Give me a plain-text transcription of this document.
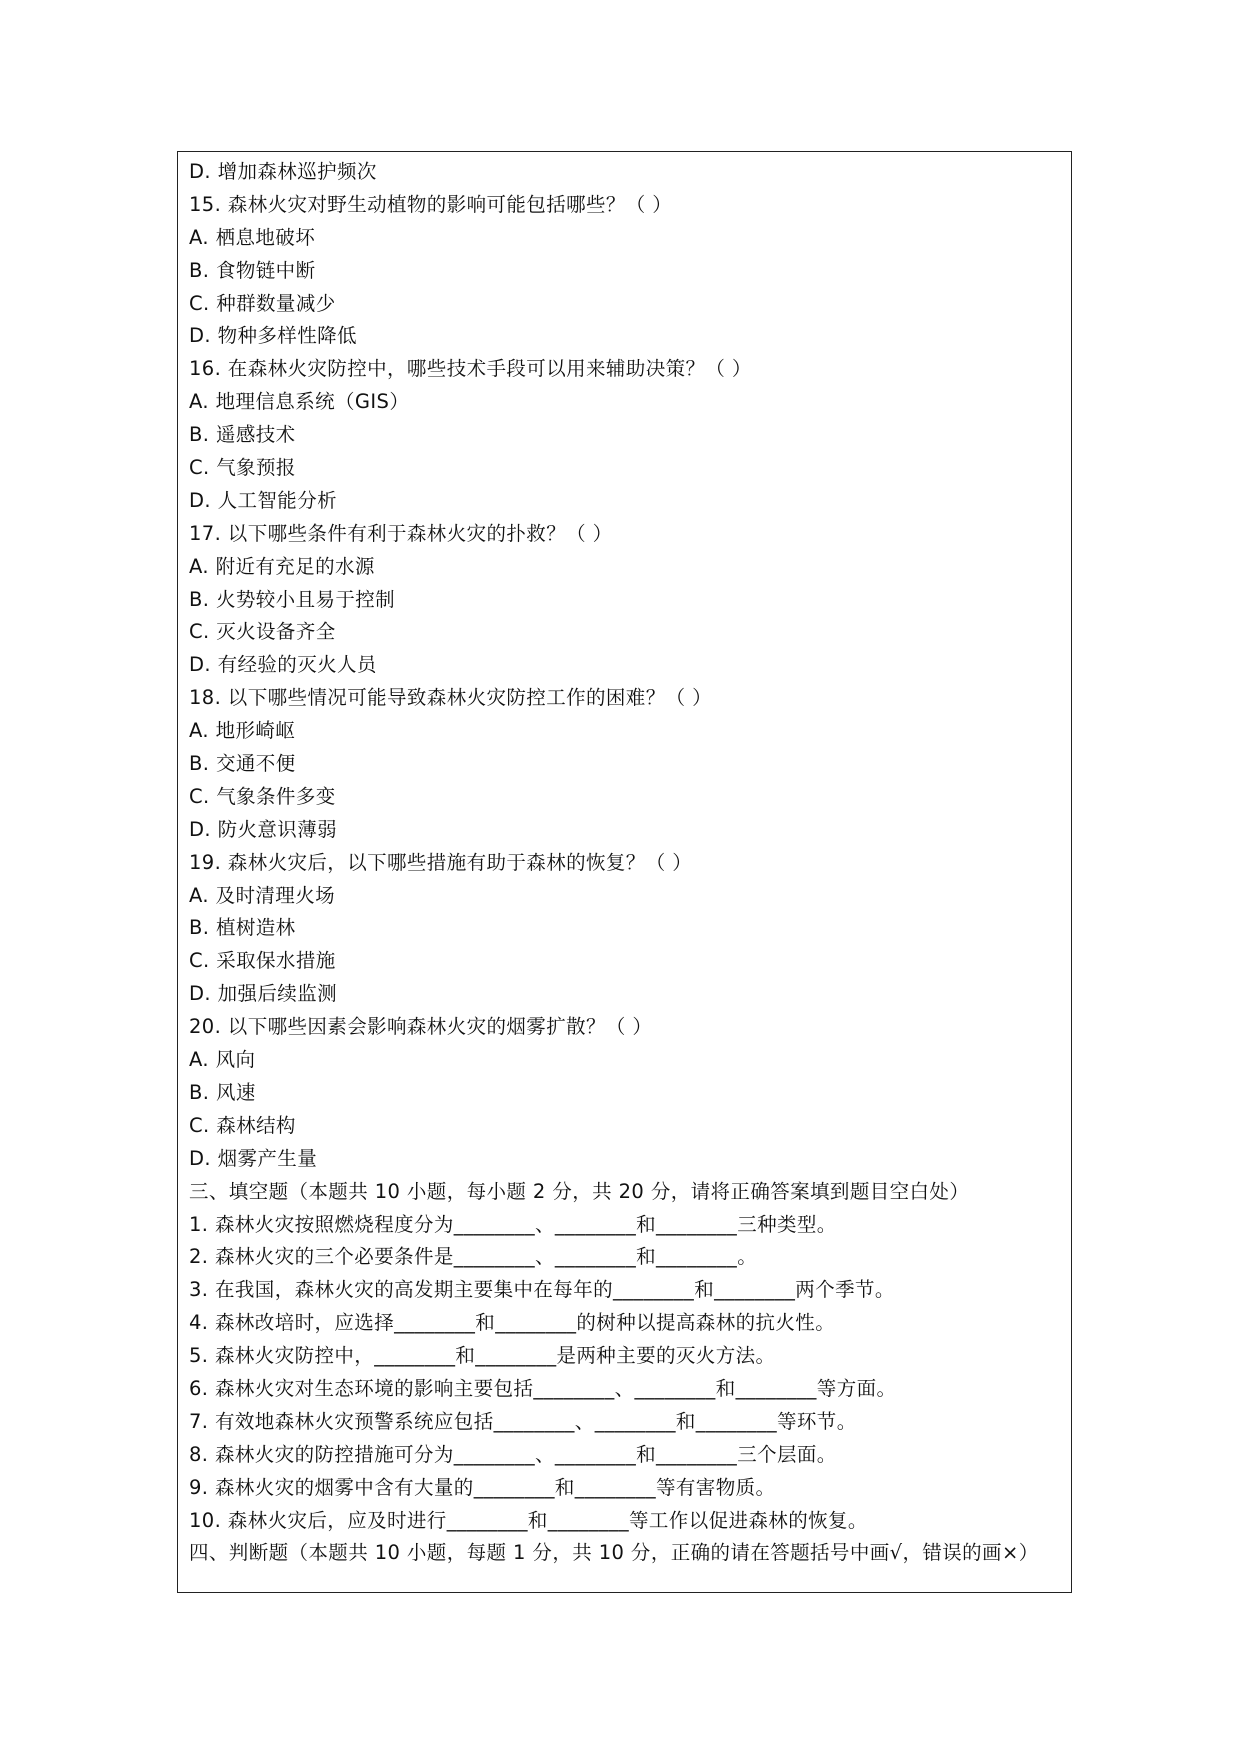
D. 增加森林巡护频次
15. 森林火灾对野生动植物的影响可能包括哪些？（ ）
A. 栖息地破坏
B. 食物链中断
C. 种群数量减少
D. 物种多样性降低
16. 在森林火灾防控中，哪些技术手段可以用来辅助决策？（ ）
A. 地理信息系统（GIS）
B. 遥感技术
C. 气象预报
D. 人工智能分析
17. 以下哪些条件有利于森林火灾的扑救？（ ）
A. 附近有充足的水源
B. 火势较小且易于控制
C. 灭火设备齐全
D. 有经验的灭火人员
18. 以下哪些情况可能导致森林火灾防控工作的困难？（ ）
A. 地形崎岖
B. 交通不便
C. 气象条件多变
D. 防火意识薄弱
19. 森林火灾后，以下哪些措施有助于森林的恢复？（ ）
A. 及时清理火场
B. 植树造林
C. 采取保水措施
D. 加强后续监测
20. 以下哪些因素会影响森林火灾的烟雾扩散？（ ）
A. 风向
B. 风速
C. 森林结构
D. 烟雾产生量
三、填空题（本题共 10 小题，每小题 2 分，共 20 分，请将正确答案填到题目空白处）
1. 森林火灾按照燃烧程度分为________、________和________三种类型。
2. 森林火灾的三个必要条件是________、________和________。
3. 在我国，森林火灾的高发期主要集中在每年的________和________两个季节。
4. 森林改培时，应选择________和________的树种以提高森林的抗火性。
5. 森林火灾防控中，________和________是两种主要的灭火方法。
6. 森林火灾对生态环境的影响主要包括________、________和________等方面。
7. 有效地森林火灾预警系统应包括________、________和________等环节。
8. 森林火灾的防控措施可分为________、________和________三个层面。
9. 森林火灾的烟雾中含有大量的________和________等有害物质。
10. 森林火灾后，应及时进行________和________等工作以促进森林的恢复。
四、判断题（本题共 10 小题，每题 1 分，共 10 分，正确的请在答题括号中画√，错误的画×）
